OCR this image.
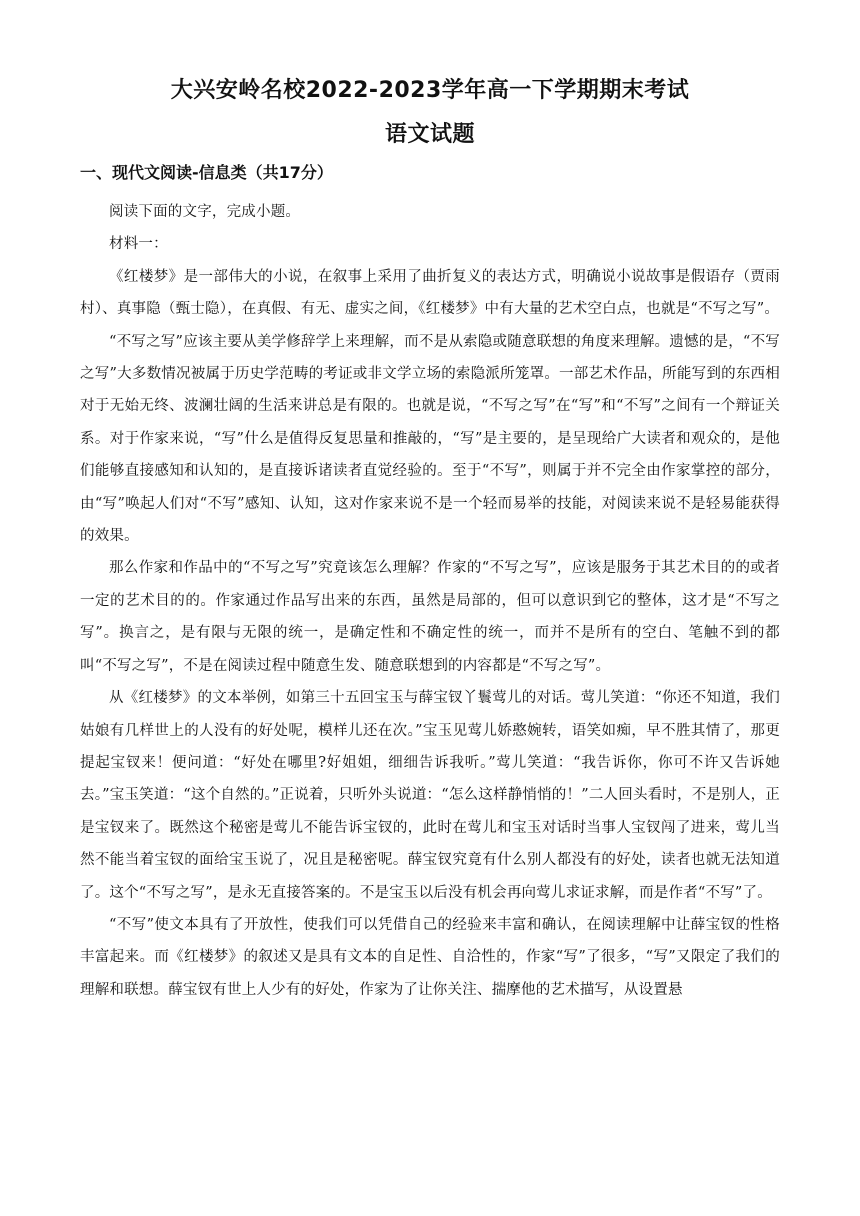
大兴安岭名校2022-2023学年高一下学期期末考试
语文试题
一、现代文阅读-信息类（共17分）

阅读下面的文字，完成小题。

材料一：

《红楼梦》是一部伟大的小说，在叙事上采用了曲折复义的表达方式，明确说小说故事是假语存（贾雨村）、真事隐（甄士隐），在真假、有无、虚实之间，《红楼梦》中有大量的艺术空白点，也就是“不写之写”。

“不写之写”应该主要从美学修辞学上来理解，而不是从索隐或随意联想的角度来理解。遗憾的是，“不写之写”大多数情况被属于历史学范畴的考证或非文学立场的索隐派所笼罩。一部艺术作品，所能写到的东西相对于无始无终、波澜壮阔的生活来讲总是有限的。也就是说，“不写之写”在“写”和“不写”之间有一个辩证关系。对于作家来说，“写”什么是值得反复思量和推敲的，“写”是主要的，是呈现给广大读者和观众的，是他们能够直接感知和认知的，是直接诉诸读者直觉经验的。至于“不写”，则属于并不完全由作家掌控的部分，由“写”唤起人们对“不写”感知、认知，这对作家来说不是一个轻而易举的技能，对阅读来说不是轻易能获得的效果。

那么作家和作品中的“不写之写”究竟该怎么理解？作家的“不写之写”，应该是服务于其艺术目的的或者一定的艺术目的的。作家通过作品写出来的东西，虽然是局部的，但可以意识到它的整体，这才是“不写之写”。换言之，是有限与无限的统一，是确定性和不确定性的统一，而并不是所有的空白、笔触不到的都叫“不写之写”，不是在阅读过程中随意生发、随意联想到的内容都是“不写之写”。

从《红楼梦》的文本举例，如第三十五回宝玉与薛宝钗丫鬟莺儿的对话。莺儿笑道：“你还不知道，我们姑娘有几样世上的人没有的好处呢，模样儿还在次。”宝玉见莺儿娇憨婉转，语笑如痴，早不胜其情了，那更提起宝钗来！便问道：“好处在哪里?好姐姐，细细告诉我听。”莺儿笑道：“我告诉你，你可不许又告诉她去。”宝玉笑道：“这个自然的。”正说着，只听外头说道：“怎么这样静悄悄的！”二人回头看时，不是别人，正是宝钗来了。既然这个秘密是莺儿不能告诉宝钗的，此时在莺儿和宝玉对话时当事人宝钗闯了进来，莺儿当然不能当着宝钗的面给宝玉说了，况且是秘密呢。薛宝钗究竟有什么别人都没有的好处，读者也就无法知道了。这个“不写之写”，是永无直接答案的。不是宝玉以后没有机会再向莺儿求证求解，而是作者“不写”了。

“不写”使文本具有了开放性，使我们可以凭借自己的经验来丰富和确认，在阅读理解中让薛宝钗的性格丰富起来。而《红楼梦》的叙述又是具有文本的自足性、自洽性的，作家“写”了很多，“写”又限定了我们的理解和联想。薛宝钗有世上人少有的好处，作家为了让你关注、揣摩他的艺术描写，从设置悬
